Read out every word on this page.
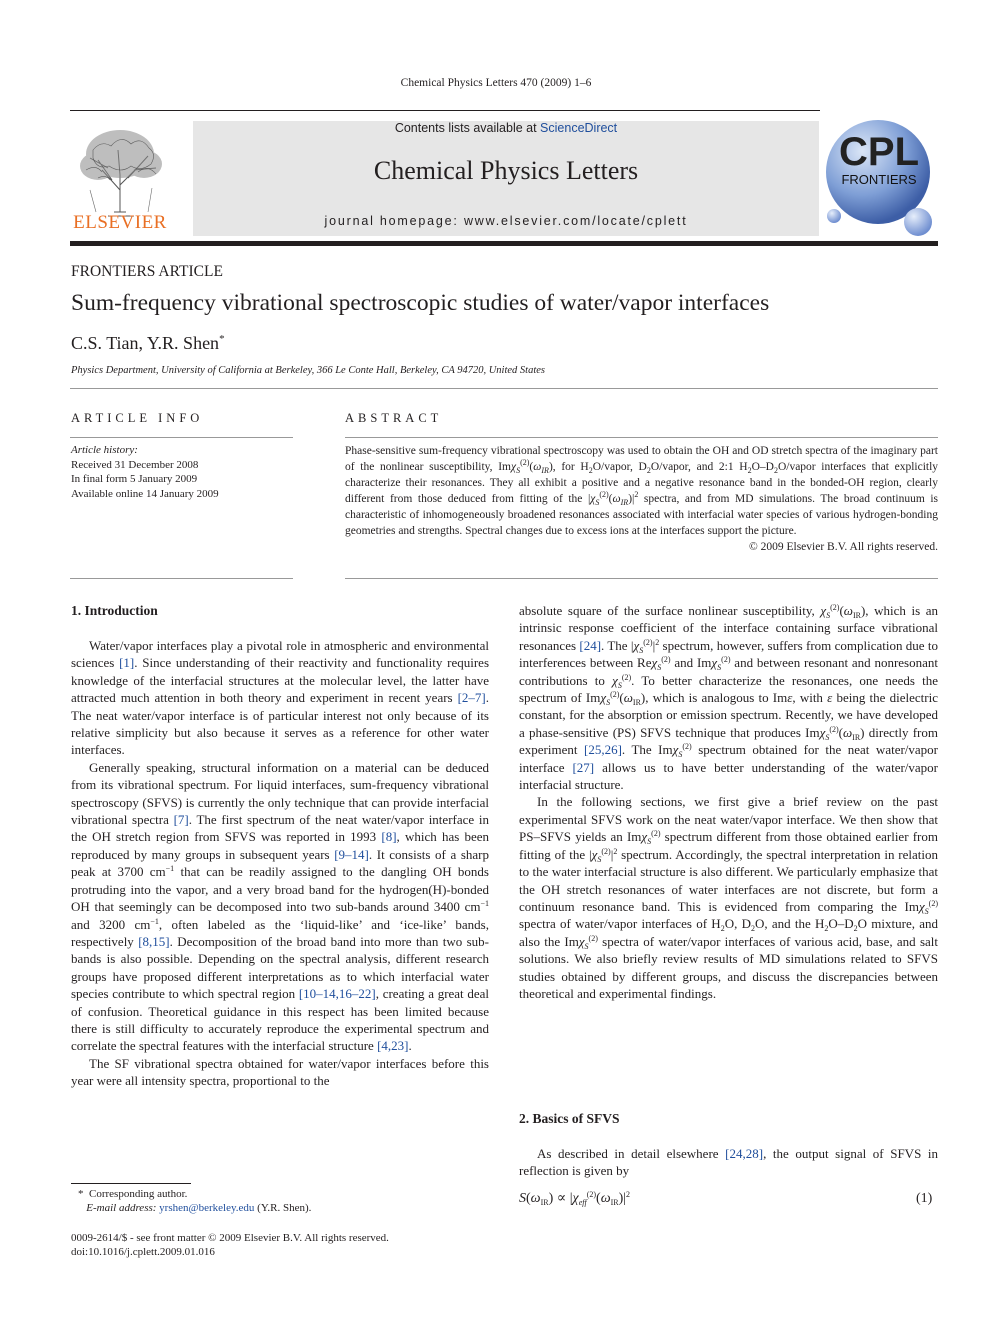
Chemical Physics Letters 470 (2009) 1–6
ELSEVIER
Contents lists available at ScienceDirect
Chemical Physics Letters
journal homepage: www.elsevier.com/locate/cplett
CPL
FRONTIERS
FRONTIERS ARTICLE
Sum-frequency vibrational spectroscopic studies of water/vapor interfaces
C.S. Tian, Y.R. Shen*
Physics Department, University of California at Berkeley, 366 Le Conte Hall, Berkeley, CA 94720, United States
ARTICLE INFO
Article history:
Received 31 December 2008
In final form 5 January 2009
Available online 14 January 2009
ABSTRACT
Phase-sensitive sum-frequency vibrational spectroscopy was used to obtain the OH and OD stretch spectra of the imaginary part of the nonlinear susceptibility, $Im\chi_S^{(2)}(\omega_{IR})$, for $H_2O$/vapor, $D_2O$/vapor, and 2:1 $H_2O-D_2O$/vapor interfaces that explicitly characterize their resonances. They all exhibit a positive and a negative resonance band in the bonded-OH region, clearly different from those deduced from fitting of the $|\chi_S^{(2)}(\omega_{IR})|^2$ spectra, and from MD simulations. The broad continuum is characteristic of inhomogeneously broadened resonances associated with interfacial water species of various hydrogen-bonding geometries and strengths. Spectral changes due to excess ions at the interfaces support the picture.
© 2009 Elsevier B.V. All rights reserved.
1. Introduction

Water/vapor interfaces play a pivotal role in atmospheric and environmental sciences [1]. Since understanding of their reactivity and functionality requires knowledge of the interfacial structures at the molecular level, the latter have attracted much attention in both theory and experiment in recent years [2–7]. The neat water/vapor interface is of particular interest not only because of its relative simplicity but also because it serves as a reference for other water interfaces.

Generally speaking, structural information on a material can be deduced from its vibrational spectrum. For liquid interfaces, sum-frequency vibrational spectroscopy (SFVS) is currently the only technique that can provide interfacial vibrational spectra [7]. The first spectrum of the neat water/vapor interface in the OH stretch region from SFVS was reported in 1993 [8], which has been reproduced by many groups in subsequent years [9–14]. It consists of a sharp peak at 3700 $cm^{-1}$ that can be readily assigned to the dangling OH bonds protruding into the vapor, and a very broad band for the hydrogen(H)-bonded OH that seemingly can be decomposed into two sub-bands around 3400 $cm^{-1}$ and 3200 $cm^{-1}$, often labeled as the ‘liquid-like’ and ‘ice-like’ bands, respectively [8,15]. Decomposition of the broad band into more than two sub-bands is also possible. Depending on the spectral analysis, different research groups have proposed different interpretations as to which interfacial water species contribute to which spectral region [10–14,16–22], creating a great deal of confusion. Theoretical guidance in this respect has been limited because there is still difficulty to accurately reproduce the experimental spectrum and correlate the spectral features with the interfacial structure [4,23].

The SF vibrational spectra obtained for water/vapor interfaces before this year were all intensity spectra, proportional to the

* Corresponding author.
E-mail address: yrshen@berkeley.edu (Y.R. Shen).
0009-2614/$ - see front matter © 2009 Elsevier B.V. All rights reserved.
doi:10.1016/j.cplett.2009.01.016
absolute square of the surface nonlinear susceptibility, $\chi_S^{(2)}(\omega_{IR})$, which is an intrinsic response coefficient of the interface containing surface vibrational resonances [24]. The $|\chi_S^{(2)}|^2$ spectrum, however, suffers from complication due to interferences between Reχ$_S^{(2)}$ and Imχ$_S^{(2)}$ and between resonant and nonresonant contributions to $\chi_S^{(2)}$. To better characterize the resonances, one needs the spectrum of $Im\chi_S^{(2)}(\omega_{IR})$, which is analogous to Imε, with ε being the dielectric constant, for the absorption or emission spectrum. Recently, we have developed a phase-sensitive (PS) SFVS technique that produces $Im\chi_S^{(2)}(\omega_{IR})$ directly from experiment [25,26]. The Imχ$_S^{(2)}$ spectrum obtained for the neat water/vapor interface [27] allows us to have better understanding of the water/vapor interfacial structure.

In the following sections, we first give a brief review on the past experimental SFVS work on the neat water/vapor interface. We then show that PS–SFVS yields an Imχ$_S^{(2)}$ spectrum different from those obtained earlier from fitting of the $|\chi_S^{(2)}|^2$ spectrum. Accordingly, the spectral interpretation in relation to the water interfacial structure is also different. We particularly emphasize that the OH stretch resonances of water interfaces are not discrete, but form a continuum resonance band. This is evidenced from comparing the Imχ$_S^{(2)}$ spectra of water/vapor interfaces of $H_2O$, $D_2O$, and the $H_2O-D_2O$ mixture, and also the Imχ$_S^{(2)}$ spectra of water/vapor interfaces of various acid, base, and salt solutions. We also briefly review results of MD simulations related to SFVS studies obtained by different groups, and discuss the discrepancies between theoretical and experimental findings.

2. Basics of SFVS

As described in detail elsewhere [24,28], the output signal of SFVS in reflection is given by

$S(\omega_{IR}) \propto |\chi_{eff}^{(2)}(\omega_{IR})|^2$	(1)
